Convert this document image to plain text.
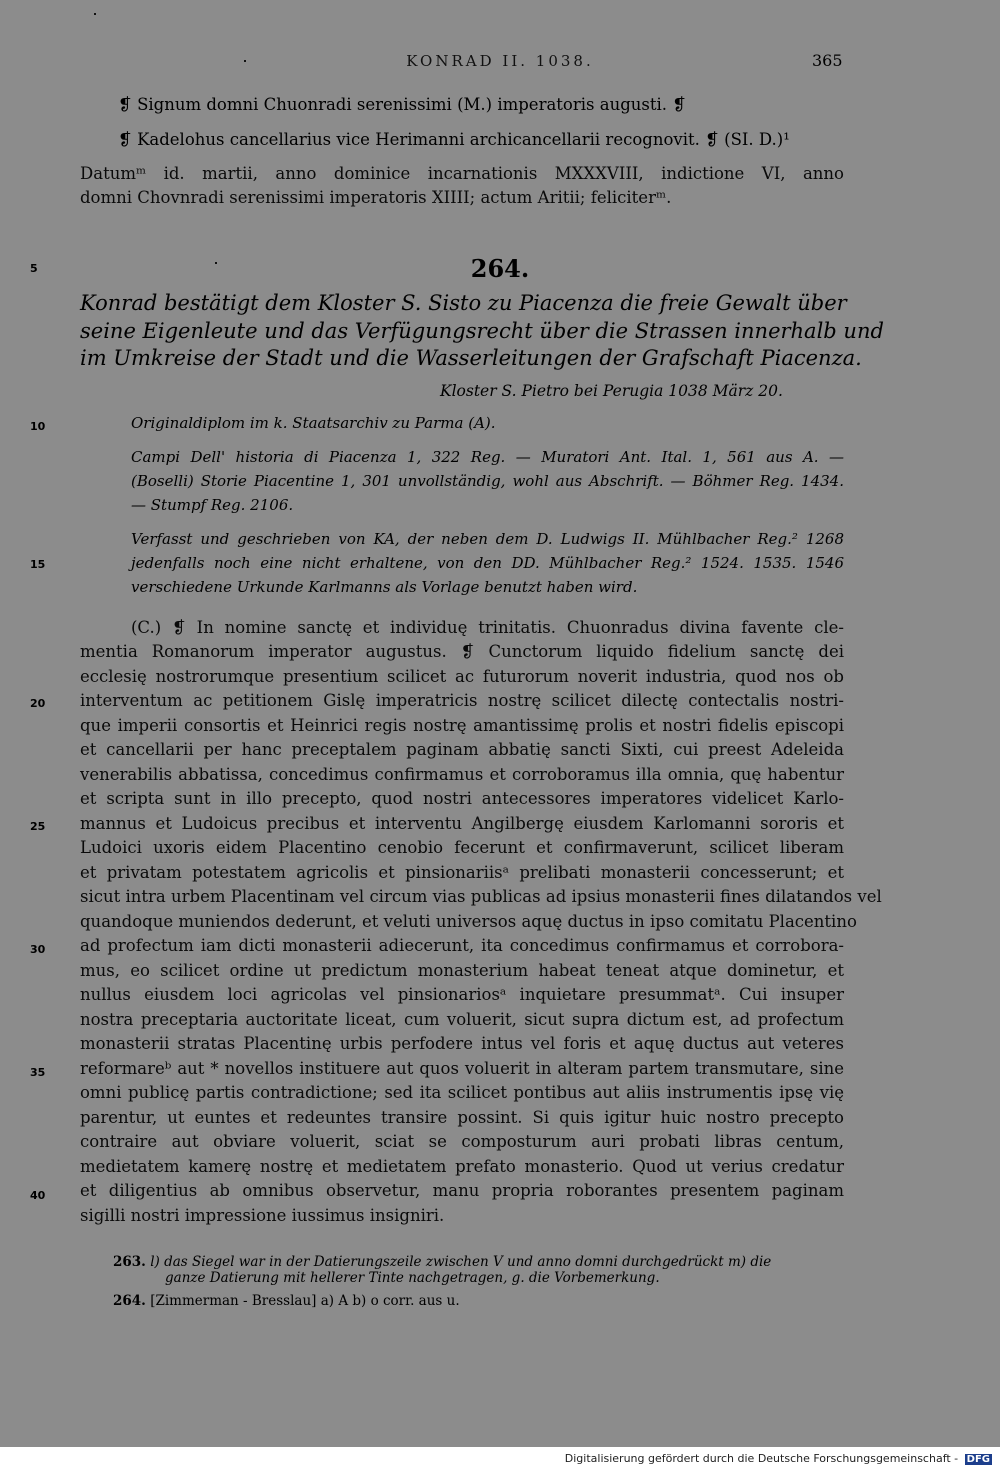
KONRAD II. 1038.	365
❡ Signum domni Chuonradi serenissimi (M.) imperatoris augusti. ❡
❡ Kadelohus cancellarius vice Herimanni archicancellarii recognovit. ❡ (SI. D.)¹
Datumᵐ id. martii, anno dominice incarnationis MXXXVIII, indictione VI, anno
domni Chovnradi serenissimi imperatoris XIIII; actum Aritii; feliciterᵐ.
5
10
15
20
25
30
35
40
264.
Konrad bestätigt dem Kloster S. Sisto zu Piacenza die freie Gewalt über
seine Eigenleute und das Verfügungsrecht über die Strassen innerhalb und
im Umkreise der Stadt und die Wasserleitungen der Grafschaft Piacenza.
Kloster S. Pietro bei Perugia 1038 März 20.
Originaldiplom im k. Staatsarchiv zu Parma (A).
Campi Dell' historia di Piacenza 1, 322 Reg. — Muratori Ant. Ital. 1, 561 aus A. —
(Boselli) Storie Piacentine 1, 301 unvollständig, wohl aus Abschrift. — Böhmer Reg. 1434.
— Stumpf Reg. 2106.
Verfasst und geschrieben von KA, der neben dem D. Ludwigs II. Mühlbacher Reg.² 1268
jedenfalls noch eine nicht erhaltene, von den DD. Mühlbacher Reg.² 1524. 1535. 1546
verschiedene Urkunde Karlmanns als Vorlage benutzt haben wird.
(C.) ❡ In nomine sanctę et individuę trinitatis. Chuonradus divina favente cle-
mentia Romanorum imperator augustus. ❡ Cunctorum liquido fidelium sanctę dei
ecclesię nostrorumque presentium scilicet ac futurorum noverit industria, quod nos ob
interventum ac petitionem Gislę imperatricis nostrę scilicet dilectę contectalis nostri-
que imperii consortis et Heinrici regis nostrę amantissimę prolis et nostri fidelis episcopi
et cancellarii per hanc preceptalem paginam abbatię sancti Sixti, cui preest Adeleida
venerabilis abbatissa, concedimus confirmamus et corroboramus illa omnia, quę habentur
et scripta sunt in illo precepto, quod nostri antecessores imperatores videlicet Karlo-
mannus et Ludoicus precibus et interventu Angilbergę eiusdem Karlomanni sororis et
Ludoici uxoris eidem Placentino cenobio fecerunt et confirmaverunt, scilicet liberam
et privatam potestatem agricolis et pinsionariisᵃ prelibati monasterii concesserunt; et
sicut intra urbem Placentinam vel circum vias publicas ad ipsius monasterii fines dilatandos vel
quandoque muniendos dederunt, et veluti universos aquę ductus in ipso comitatu Placentino
ad profectum iam dicti monasterii adiecerunt, ita concedimus confirmamus et corrobora-
mus, eo scilicet ordine ut predictum monasterium habeat teneat atque dominetur, et
nullus eiusdem loci agricolas vel pinsionariosᵃ inquietare presummatᵃ. Cui insuper
nostra preceptaria auctoritate liceat, cum voluerit, sicut supra dictum est, ad profectum
monasterii stratas Placentinę urbis perfodere intus vel foris et aquę ductus aut veteres
reformareᵇ aut * novellos instituere aut quos voluerit in alteram partem transmutare, sine
omni publicę partis contradictione; sed ita scilicet pontibus aut aliis instrumentis ipsę vię
parentur, ut euntes et redeuntes transire possint. Si quis igitur huic nostro precepto
contraire aut obviare voluerit, sciat se composturum auri probati libras centum,
medietatem kamerę nostrę et medietatem prefato monasterio. Quod ut verius credatur
et diligentius ab omnibus observetur, manu propria roborantes presentem paginam
sigilli nostri impressione iussimus insigniri.
263. l) das Siegel war in der Datierungszeile zwischen V und anno domni durchgedrückt m) die
ganze Datierung mit hellerer Tinte nachgetragen, g. die Vorbemerkung.
264. [Zimmerman - Bresslau] a) A b) o corr. aus u.
Digitalisierung gefördert durch die Deutsche Forschungsgemeinschaft - DFG
